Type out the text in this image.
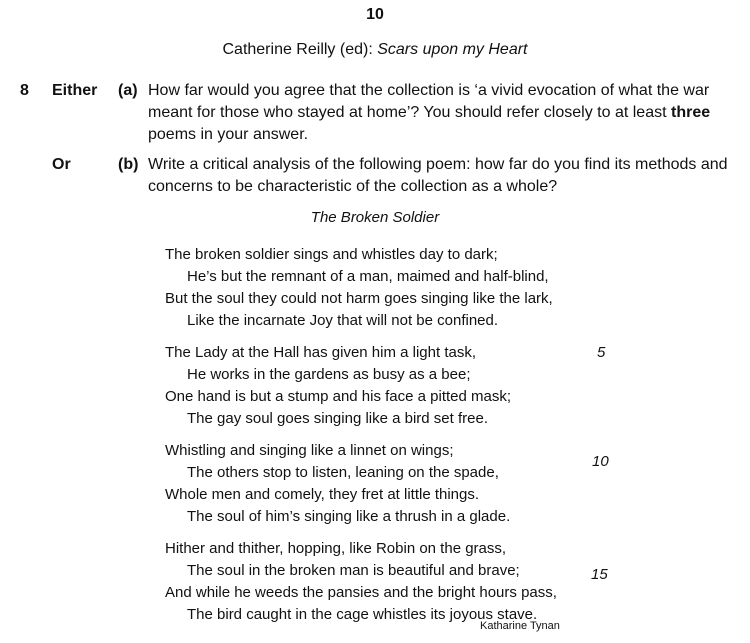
10
Catherine Reilly (ed): Scars upon my Heart
8 Either (a) How far would you agree that the collection is ‘a vivid evocation of what the war meant for those who stayed at home’? You should refer closely to at least three poems in your answer.
Or	(b) Write a critical analysis of the following poem: how far do you find its methods and concerns to be characteristic of the collection as a whole?
The Broken Soldier
The broken soldier sings and whistles day to dark;
He’s but the remnant of a man, maimed and half-blind,
But the soul they could not harm goes singing like the lark,
Like the incarnate Joy that will not be confined.
The Lady at the Hall has given him a light task,
He works in the gardens as busy as a bee;
One hand is but a stump and his face a pitted mask;
The gay soul goes singing like a bird set free.
Whistling and singing like a linnet on wings;
The others stop to listen, leaning on the spade,
Whole men and comely, they fret at little things.
The soul of him’s singing like a thrush in a glade.
Hither and thither, hopping, like Robin on the grass,
The soul in the broken man is beautiful and brave;
And while he weeds the pansies and the bright hours pass,
The bird caught in the cage whistles its joyous stave.
5
10
15
Katharine Tynan
